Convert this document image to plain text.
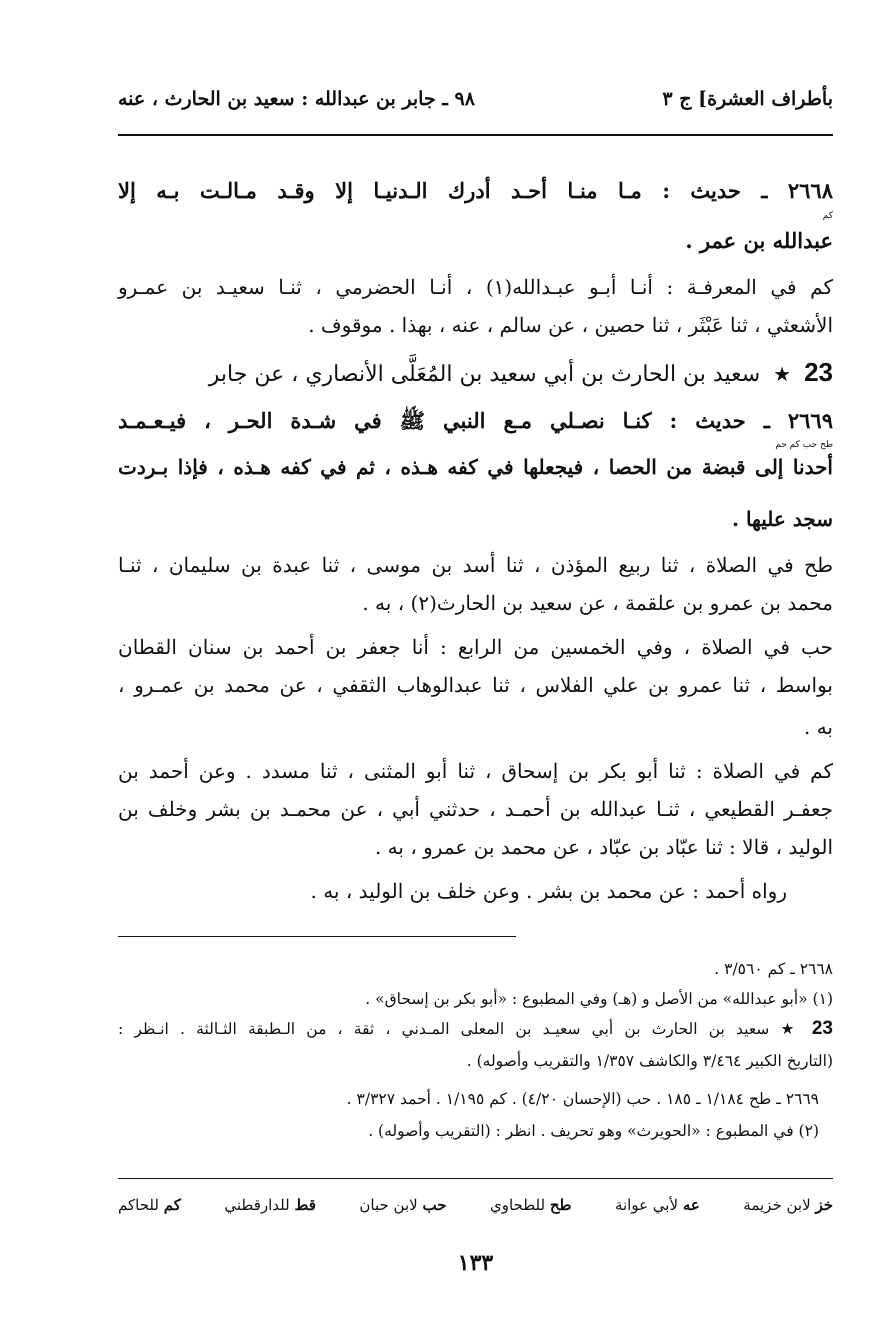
بأطراف العشرة] ج ٣
٩٨ ـ جابر بن عبدالله : سعيد بن الحارث ، عنه
٢٦٦٨ ـ حديث : مـا منـا أحـد أدرك الـدنيـا إلا وقـد مـالـت بـه إلا
كم
عبدالله بن عمر .
كم في المعرفـة : أنـا أبـو عبـدالله(١) ، أنـا الحضرمي ، ثنـا سعيـد بن عمـرو
الأشعثي ، ثنا عَبْثَر ، ثنا حصين ، عن سالم ، عنه ، بهذا . موقوف .
23 ★ سعيد بن الحارث بن أبي سعيد بن المُعَلَّى الأنصاري ، عن جابر
٢٦٦٩ ـ حديث : كنـا نصـلي مـع النبي ﷺ في شـدة الحـر ، فيـعـمـد
طح حب كم حم
أحدنا إلى قبضة من الحصا ، فيجعلها في كفه هـذه ، ثم في كفه هـذه ، فإذا بـردت
سجد عليها .
طح في الصلاة ، ثنا ربيع المؤذن ، ثنا أسد بن موسى ، ثنا عبدة بن سليمان ، ثنـا
محمد بن عمرو بن علقمة ، عن سعيد بن الحارث(٢) ، به .
حب في الصلاة ، وفي الخمسين من الرابع : أنا جعفر بن أحمد بن سنان القطان
بواسط ، ثنا عمرو بن علي الفلاس ، ثنا عبدالوهاب الثقفي ، عن محمد بن عمـرو ،
به .
كم في الصلاة : ثنا أبو بكر بن إسحاق ، ثنا أبو المثنى ، ثنا مسدد . وعن أحمد بن
جعفـر القطيعي ، ثنـا عبدالله بن أحمـد ، حدثني أبي ، عن محمـد بن بشر وخلف بن
الوليد ، قالا : ثنا عبّاد بن عبّاد ، عن محمد بن عمرو ، به .
رواه أحمد : عن محمد بن بشر . وعن خلف بن الوليد ، به .
٢٦٦٨ ـ كم ٣/٥٦٠ .
(١) «أبو عبدالله» من الأصل و (هـ) وفي المطبوع : «أبو بكر بن إسحاق» .
23 ★ سعيد بن الحارث بن أبي سعيـد بن المعلى المـدني ، ثقة ، من الـطبقة الثـالثة . انـظر :
(التاريخ الكبير ٣/٤٦٤ والكاشف ١/٣٥٧ والتقريب وأصوله) .
٢٦٦٩ ـ طح ١/١٨٤ ـ ١٨٥ . حب (الإحسان ٤/٢٠) . كم ١/١٩٥ . أحمد ٣/٣٢٧ .
(٢) في المطبوع : «الحويرث» وهو تحريف . انظر : (التقريب وأصوله) .
خز لابن خزيمة
عه لأبي عوانة
طح للطحاوي
حب لابن حبان
قط للدارقطني
كم للحاكم
١٣٣
